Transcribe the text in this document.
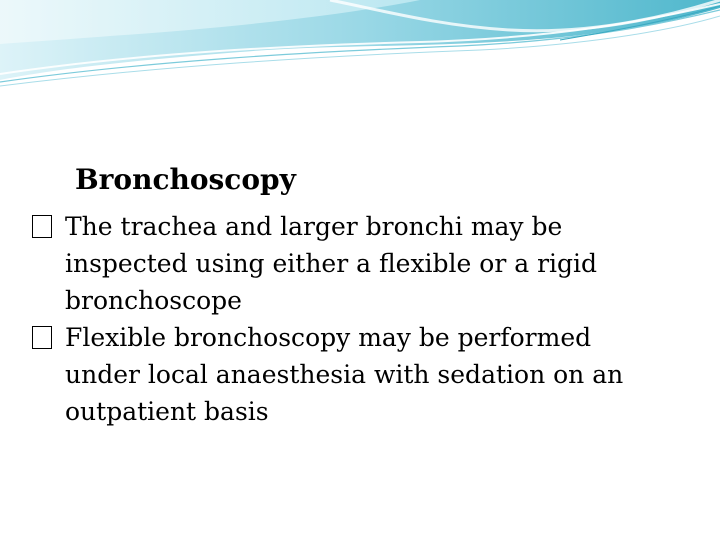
Bronchoscopy
The trachea and larger bronchi may be inspected using either a flexible or a rigid bronchoscope
Flexible bronchoscopy may be performed under local anaesthesia with sedation on an outpatient basis
